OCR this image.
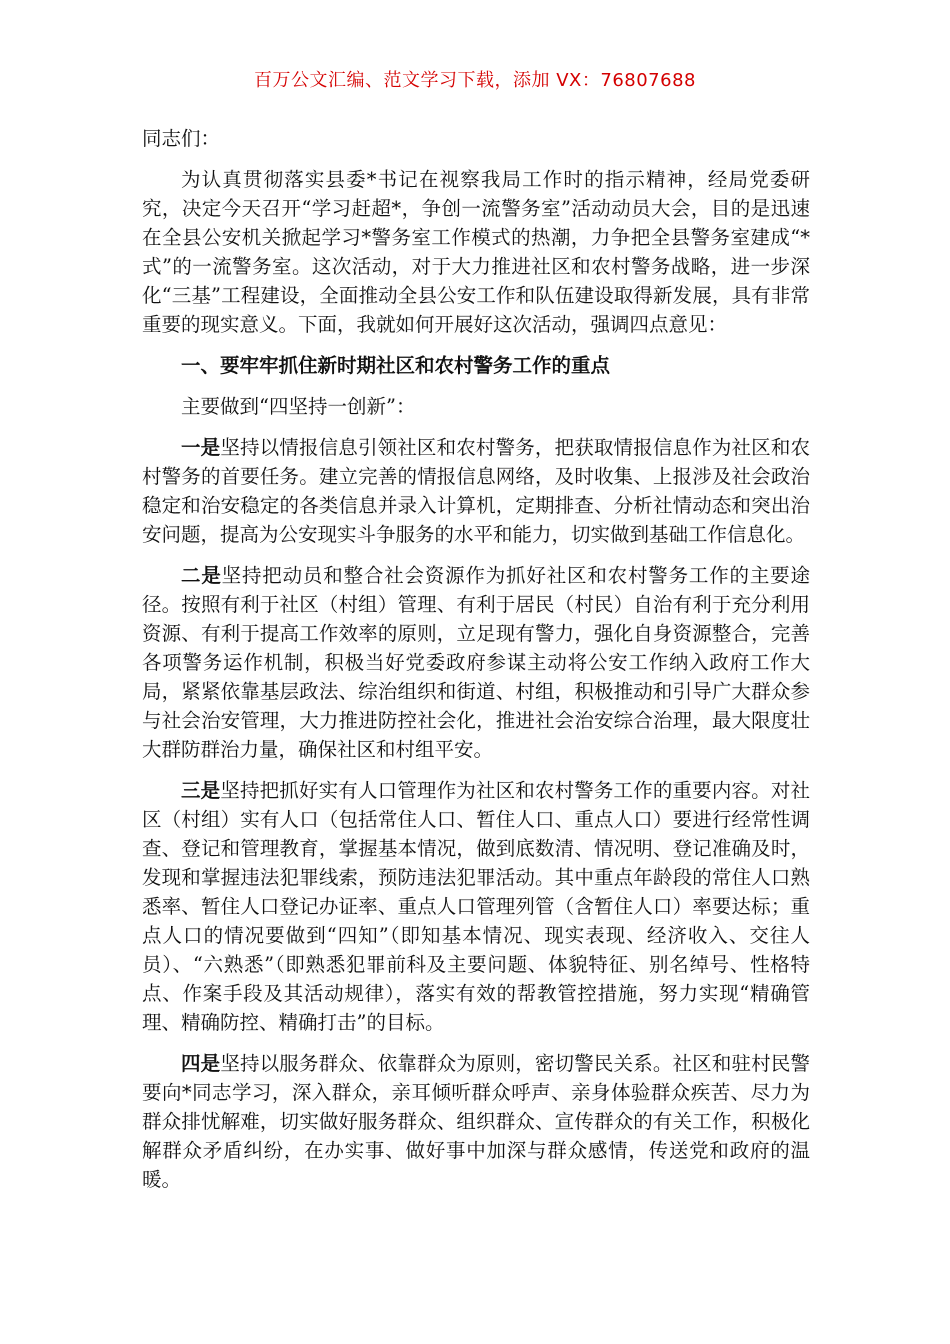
百万公文汇编、范文学习下载，添加 VX：76807688

同志们：

为认真贯彻落实县委*书记在视察我局工作时的指示精神，经局党委研究，决定今天召开“学习赶超*，争创一流警务室”活动动员大会，目的是迅速在全县公安机关掀起学习*警务室工作模式的热潮，力争把全县警务室建成“*式”的一流警务室。这次活动，对于大力推进社区和农村警务战略，进一步深化“三基”工程建设，全面推动全县公安工作和队伍建设取得新发展，具有非常重要的现实意义。下面，我就如何开展好这次活动，强调四点意见：

一、要牢牢抓住新时期社区和农村警务工作的重点

主要做到“四坚持一创新”：

一是坚持以情报信息引领社区和农村警务，把获取情报信息作为社区和农村警务的首要任务。建立完善的情报信息网络，及时收集、上报涉及社会政治稳定和治安稳定的各类信息并录入计算机，定期排查、分析社情动态和突出治安问题，提高为公安现实斗争服务的水平和能力，切实做到基础工作信息化。

二是坚持把动员和整合社会资源作为抓好社区和农村警务工作的主要途径。按照有利于社区（村组）管理、有利于居民（村民）自治有利于充分利用资源、有利于提高工作效率的原则，立足现有警力，强化自身资源整合，完善各项警务运作机制，积极当好党委政府参谋主动将公安工作纳入政府工作大局，紧紧依靠基层政法、综治组织和街道、村组，积极推动和引导广大群众参与社会治安管理，大力推进防控社会化，推进社会治安综合治理，最大限度壮大群防群治力量，确保社区和村组平安。

三是坚持把抓好实有人口管理作为社区和农村警务工作的重要内容。对社区（村组）实有人口（包括常住人口、暂住人口、重点人口）要进行经常性调查、登记和管理教育，掌握基本情况，做到底数清、情况明、登记准确及时，发现和掌握违法犯罪线索，预防违法犯罪活动。其中重点年龄段的常住人口熟悉率、暂住人口登记办证率、重点人口管理列管（含暂住人口）率要达标；重点人口的情况要做到“四知”（即知基本情况、现实表现、经济收入、交往人员）、“六熟悉”（即熟悉犯罪前科及主要问题、体貌特征、别名绰号、性格特点、作案手段及其活动规律），落实有效的帮教管控措施，努力实现“精确管理、精确防控、精确打击”的目标。

四是坚持以服务群众、依靠群众为原则，密切警民关系。社区和驻村民警要向*同志学习，深入群众，亲耳倾听群众呼声、亲身体验群众疾苦、尽力为群众排忧解难，切实做好服务群众、组织群众、宣传群众的有关工作，积极化解群众矛盾纠纷，在办实事、做好事中加深与群众感情，传送党和政府的温暖。
